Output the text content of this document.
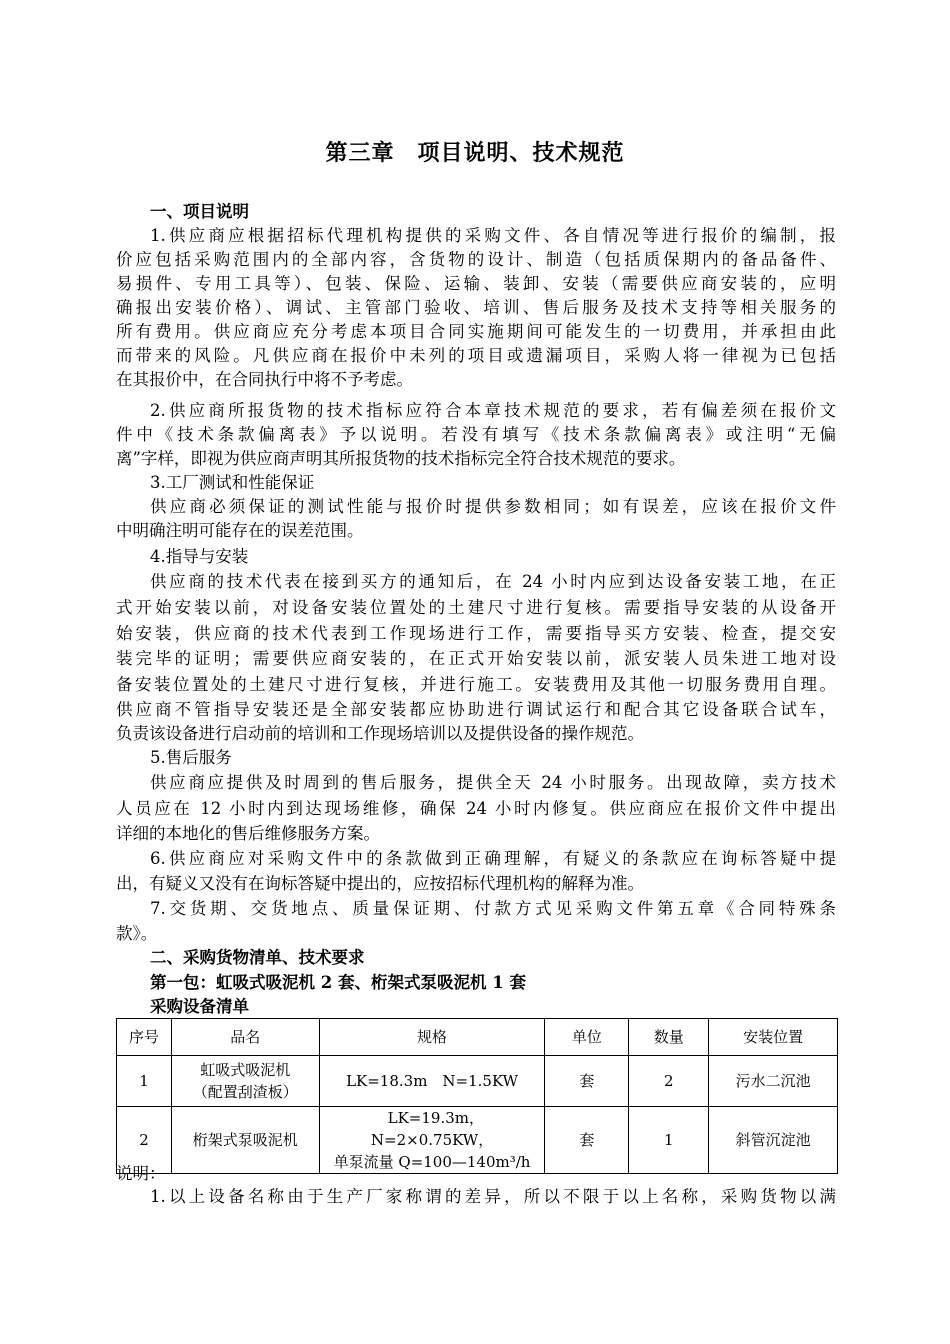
第三章　项目说明、技术规范
一、项目说明
1.供应商应根据招标代理机构提供的采购文件、各自情况等进行报价的编制，报
价应包括采购范围内的全部内容，含货物的设计、制造（包括质保期内的备品备件、
易损件、专用工具等）、包装、保险、运输、装卸、安装（需要供应商安装的，应明
确报出安装价格）、调试、主管部门验收、培训、售后服务及技术支持等相关服务的
所有费用。供应商应充分考虑本项目合同实施期间可能发生的一切费用，并承担由此
而带来的风险。凡供应商在报价中未列的项目或遗漏项目，采购人将一律视为已包括
在其报价中，在合同执行中将不予考虑。
2.供应商所报货物的技术指标应符合本章技术规范的要求，若有偏差须在报价文
件中《技术条款偏离表》予以说明。若没有填写《技术条款偏离表》或注明“无偏
离”字样，即视为供应商声明其所报货物的技术指标完全符合技术规范的要求。
3.工厂测试和性能保证
供应商必须保证的测试性能与报价时提供参数相同；如有误差，应该在报价文件
中明确注明可能存在的误差范围。
4.指导与安装
供应商的技术代表在接到买方的通知后，在 24 小时内应到达设备安装工地，在正
式开始安装以前，对设备安装位置处的土建尺寸进行复核。需要指导安装的从设备开
始安装，供应商的技术代表到工作现场进行工作，需要指导买方安装、检查，提交安
装完毕的证明；需要供应商安装的，在正式开始安装以前，派安装人员朱进工地对设
备安装位置处的土建尺寸进行复核，并进行施工。安装费用及其他一切服务费用自理。
供应商不管指导安装还是全部安装都应协助进行调试运行和配合其它设备联合试车，
负责该设备进行启动前的培训和工作现场培训以及提供设备的操作规范。
5.售后服务
供应商应提供及时周到的售后服务，提供全天 24 小时服务。出现故障，卖方技术
人员应在 12 小时内到达现场维修，确保 24 小时内修复。供应商应在报价文件中提出
详细的本地化的售后维修服务方案。
6.供应商应对采购文件中的条款做到正确理解，有疑义的条款应在询标答疑中提
出，有疑义又没有在询标答疑中提出的，应按招标代理机构的解释为准。
7.交货期、交货地点、质量保证期、付款方式见采购文件第五章《合同特殊条
款》。
二、采购货物清单、技术要求
第一包：虹吸式吸泥机 2 套、桁架式泵吸泥机 1 套
采购设备清单
序号	品名	规格	单位	数量	安装位置
1	虹吸式吸泥机
（配置刮渣板）	LK=18.3m　N=1.5KW	套	2	污水二沉池
2	桁架式泵吸泥机	LK=19.3m，　N=2×0.75KW，
单泵流量 Q=100—140m³/h	套	1	斜管沉淀池
说明：
1.以上设备名称由于生产厂家称谓的差异，所以不限于以上名称，采购货物以满
